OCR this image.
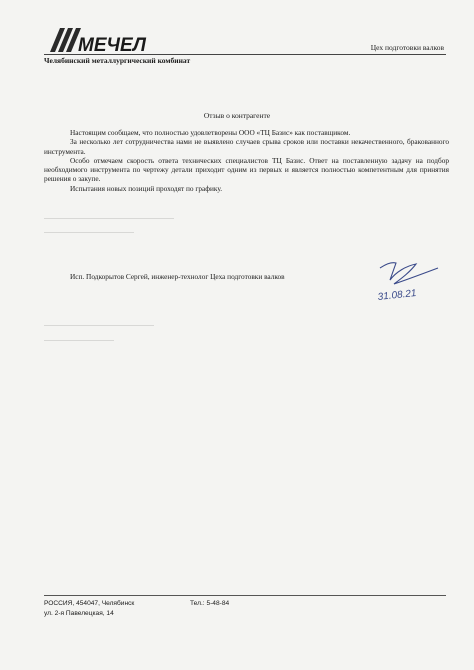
МЕЧЕЛ	Цех подготовки валков
Челябинский металлургический комбинат
Отзыв о контрагенте

Настоящим сообщаем, что полностью удовлетворены ООО «ТЦ Базис» как поставщиком.

За несколько лет сотрудничества нами не выявлено случаев срыва сроков или поставки некачественного, бракованного инструмента.

Особо отмечаем скорость ответа технических специалистов ТЦ Базис. Ответ на поставленную задачу на подбор необходимого инструмента по чертежу детали приходит одним из первых и является полностью компетентным для принятия решения о закупе.

Испытания новых позиций проходят по графику.

Исп. Подкорытов Сергей, инженер-технолог Цеха подготовки валков
31.08.21
РОССИЯ, 454047, Челябинск
ул. 2-я Павелецкая, 14
Тел.: 5-48-84
